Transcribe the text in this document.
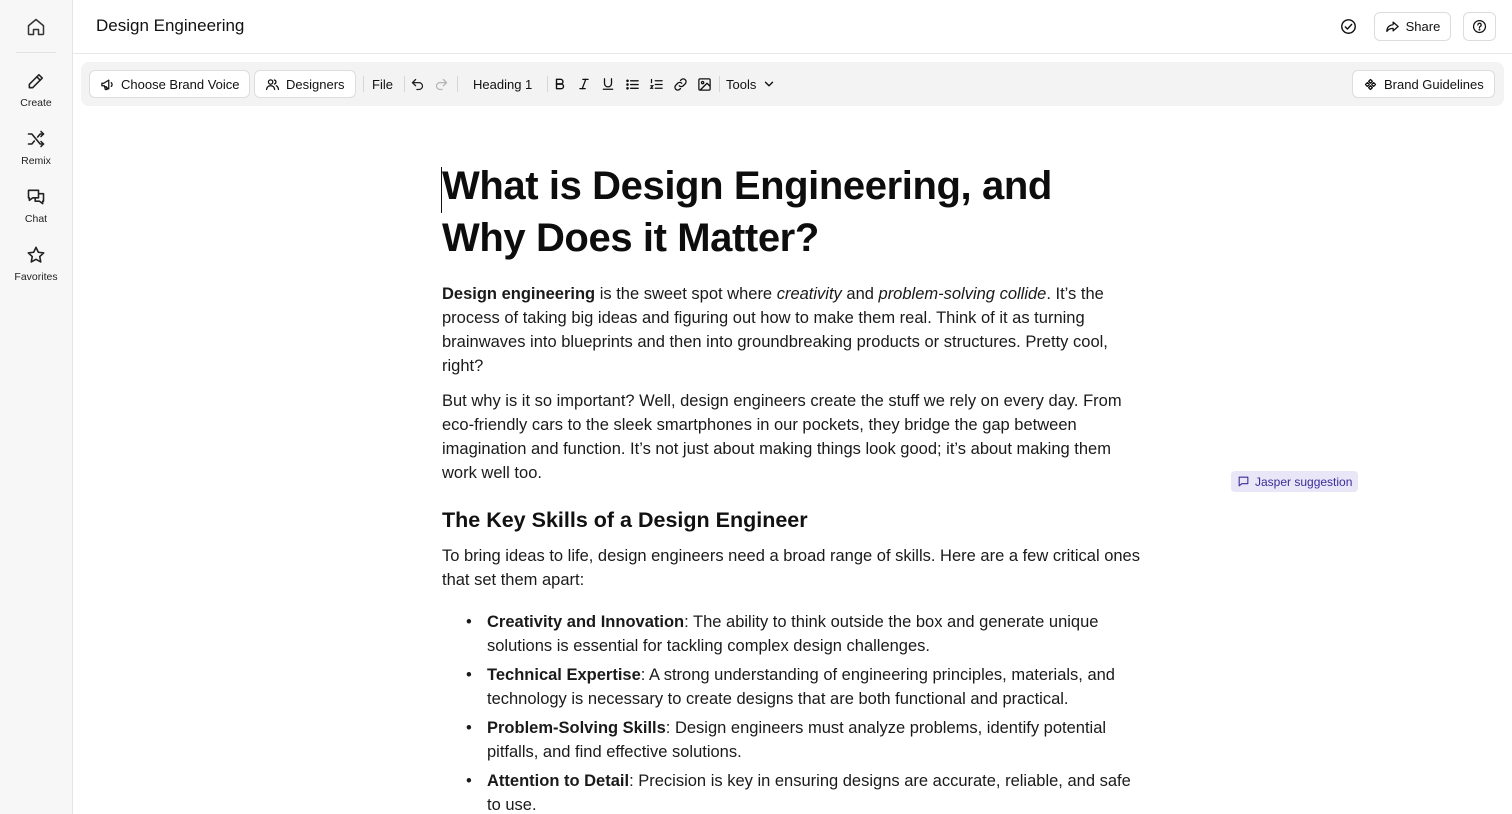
Create
Remix
Chat
Favorites
Design Engineering	Share
Choose Brand Voice	Designers File	Heading 1	Tools	Brand Guidelines
What is Design Engineering, and Why Does it Matter?

Design engineering is the sweet spot where creativity and problem-solving collide. It’s the process of taking big ideas and figuring out how to make them real. Think of it as turning brainwaves into blueprints and then into groundbreaking products or structures. Pretty cool, right?

But why is it so important? Well, design engineers create the stuff we rely on every day. From eco-friendly cars to the sleek smartphones in our pockets, they bridge the gap between imagination and function. It’s not just about making things look good; it’s about making them work well too.

The Key Skills of a Design Engineer

To bring ideas to life, design engineers need a broad range of skills. Here are a few critical ones that set them apart:

• Creativity and Innovation: The ability to think outside the box and generate unique solutions is essential for tackling complex design challenges.
• Technical Expertise: A strong understanding of engineering principles, materials, and technology is necessary to create designs that are both functional and practical.
• Problem-Solving Skills: Design engineers must analyze problems, identify potential pitfalls, and find effective solutions.
• Attention to Detail: Precision is key in ensuring designs are accurate, reliable, and safe to use.
Jasper suggestion
